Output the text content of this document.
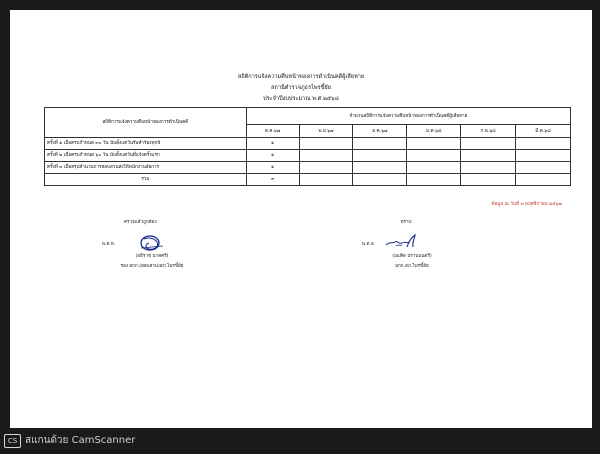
สถิติการแจ้งความคืบหน้าของการดำเนินคดีผู้เสียหาย
สถานีตำรวจภูธรไพรขี้ยัย
ประจำปีงบประมาณ พ.ศ.๒๕๖๘
สถิติการแจ้งความคืบหน้าของการดำเนินคดี	จำนวนสถิติการแจ้งความคืบหน้าของการดำเนินคดีผู้เสียหาย					
	ต.ค.๖๗	พ.ย.๖๗	ธ.ค.๖๗	ม.ค.๖๘	ก.พ.๖๘	มี.ค.๖๘
ครั้งที่ ๑ เมื่อครบกำหนด ๓๐ วัน นับตั้งแต่วันรับคำร้องทุกข์	๑					
ครั้งที่ ๒ เมื่อครบกำหนด ๖๐ วัน นับตั้งแต่วันที่แจ้งครั้งแรก	๑					
ครั้งที่ ๓ เมื่อสรุปสำนวนการสอบสวนส่งให้พนักงานอัยการ	๑					
รวม	๓					
ข้อมูล ณ วันที่ ๓ พฤศจิกายน ๒๕๖๗
ตรวจแล้วถูกต้อง
พ.ต.ท.
(อธิราช นาคศรี)
รอง ผกก.(สอบสวน)สภ.ไพรขี้ยัย
ทราบ
พ.ต.อ.
(ณเศิด ปราบมนตรี)
ผกก.สภ.ไพรขี้ยัย
CS สแกนด้วย CamScanner
